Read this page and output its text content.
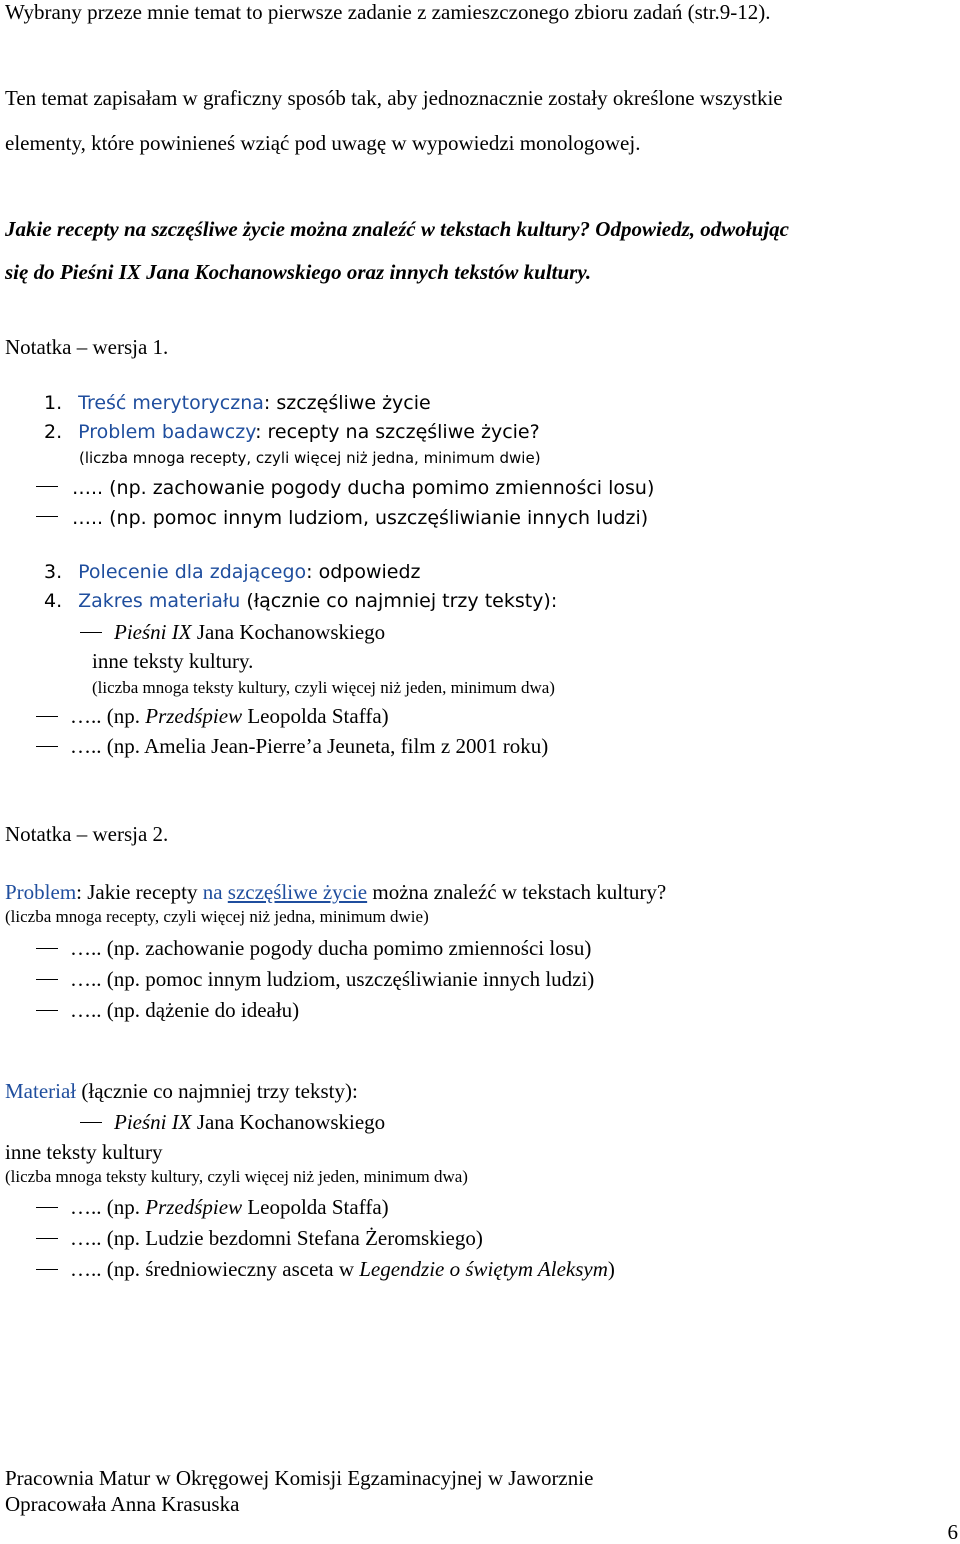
Wybrany przeze mnie temat to pierwsze zadanie z zamieszczonego zbioru zadań (str.9-12).

Ten temat zapisałam w graficzny sposób tak, aby jednoznacznie zostały określone wszystkie

elementy, które powinieneś wziąć pod uwagę w wypowiedzi monologowej.

Jakie recepty na szczęśliwe życie można znaleźć w tekstach kultury? Odpowiedz, odwołując

się do Pieśni IX Jana Kochanowskiego oraz innych tekstów kultury.

Notatka – wersja 1.

1. Treść merytoryczna: szczęśliwe życie

2. Problem badawczy: recepty na szczęśliwe życie?

(liczba mnoga recepty, czyli więcej niż jedna, minimum dwie)

….. (np. zachowanie pogody ducha pomimo zmienności losu)

….. (np. pomoc innym ludziom, uszczęśliwianie innych ludzi)

3. Polecenie dla zdającego: odpowiedz

4. Zakres materiału (łącznie co najmniej trzy teksty):

Pieśni IX Jana Kochanowskiego

inne teksty kultury.

(liczba mnoga teksty kultury, czyli więcej niż jeden, minimum dwa)

….. (np. Przedśpiew Leopolda Staffa)

….. (np. Amelia Jean-Pierre’a Jeuneta, film z 2001 roku)

Notatka – wersja 2.

Problem: Jakie recepty na szczęśliwe życie można znaleźć w tekstach kultury?

(liczba mnoga recepty, czyli więcej niż jedna, minimum dwie)

….. (np. zachowanie pogody ducha pomimo zmienności losu)

….. (np. pomoc innym ludziom, uszczęśliwianie innych ludzi)

….. (np. dążenie do ideału)

Materiał (łącznie co najmniej trzy teksty):

Pieśni IX Jana Kochanowskiego

inne teksty kultury

(liczba mnoga teksty kultury, czyli więcej niż jeden, minimum dwa)

….. (np. Przedśpiew Leopolda Staffa)

….. (np. Ludzie bezdomni Stefana Żeromskiego)

….. (np. średniowieczny asceta w Legendzie o świętym Aleksym)

Pracownia Matur w Okręgowej Komisji Egzaminacyjnej w Jaworznie

Opracowała Anna Krasuska

6
